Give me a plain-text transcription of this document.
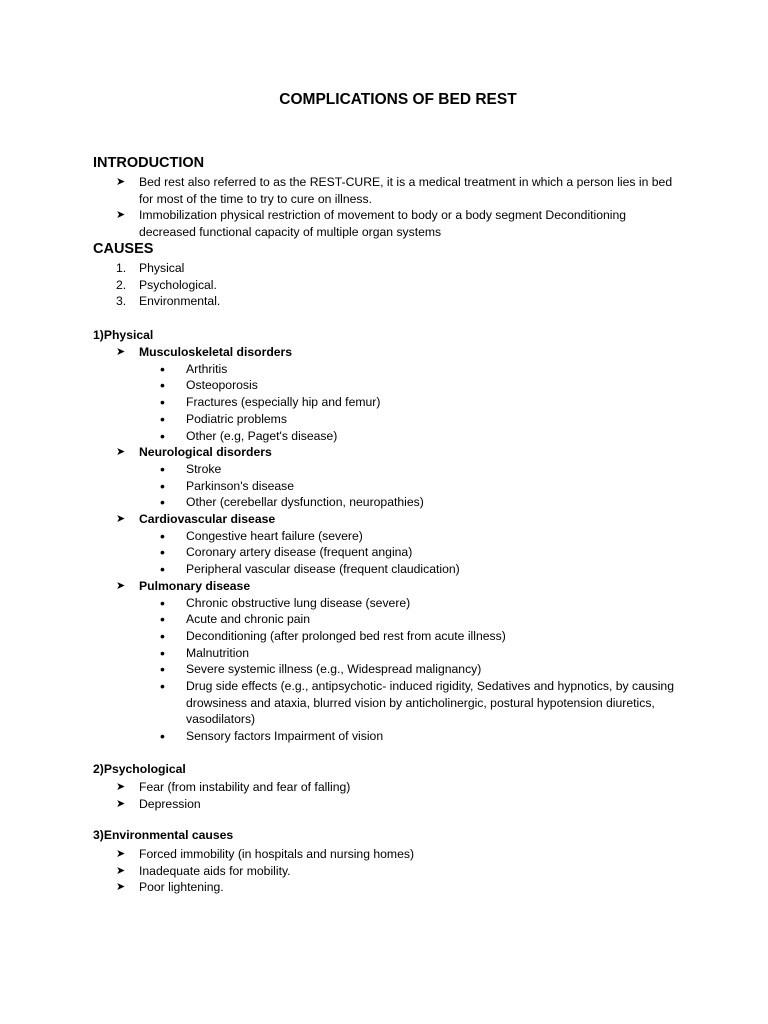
COMPLICATIONS OF BED REST
INTRODUCTION
➤ Bed rest also referred to as the REST-CURE, it is a medical treatment in which a person lies in bed for most of the time to try to cure on illness.
➤ Immobilization physical restriction of movement to body or a body segment Deconditioning decreased functional capacity of multiple organ systems
CAUSES
1. Physical
2. Psychological.
3. Environmental.
1)Physical
➤ Musculoskeletal disorders
• Arthritis
• Osteoporosis
• Fractures (especially hip and femur)
• Podiatric problems
• Other (e.g, Paget's disease)
➤ Neurological disorders
• Stroke
• Parkinson's disease
• Other (cerebellar dysfunction, neuropathies)
➤ Cardiovascular disease
• Congestive heart failure (severe)
• Coronary artery disease (frequent angina)
• Peripheral vascular disease (frequent claudication)
➤ Pulmonary disease
• Chronic obstructive lung disease (severe)
• Acute and chronic pain
• Deconditioning (after prolonged bed rest from acute illness)
• Malnutrition
• Severe systemic illness (e.g., Widespread malignancy)
• Drug side effects (e.g., antipsychotic- induced rigidity, Sedatives and hypnotics, by causing drowsiness and ataxia, blurred vision by anticholinergic, postural hypotension diuretics, vasodilators)
• Sensory factors Impairment of vision
2)Psychological
➤ Fear (from instability and fear of falling)
➤ Depression
3)Environmental causes
➤ Forced immobility (in hospitals and nursing homes)
➤ Inadequate aids for mobility.
➤ Poor lightening.
